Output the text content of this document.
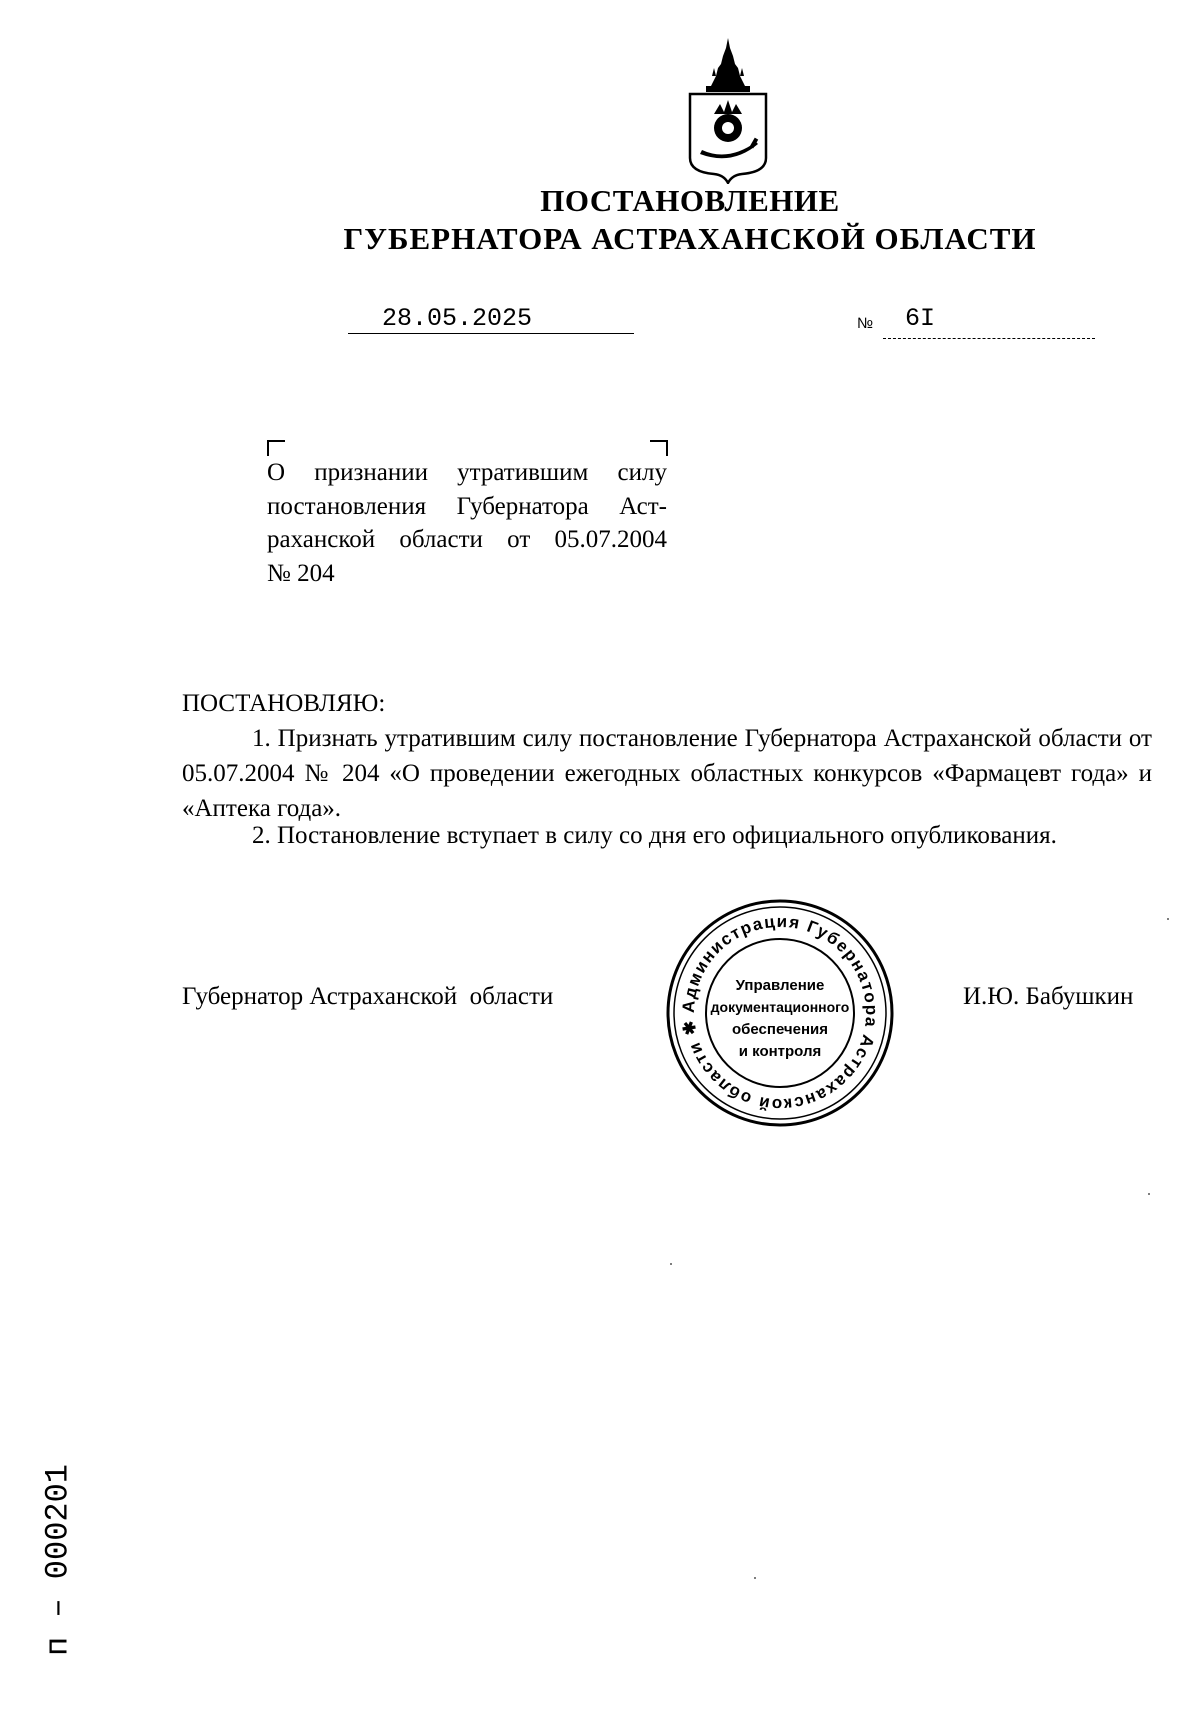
ПОСТАНОВЛЕНИЕ
ГУБЕРНАТОРА АСТРАХАНСКОЙ ОБЛАСТИ
28.05.2025	№ 6I
О признании утратившим силу
постановления Губернатора Аст-
раханской области от 05.07.2004
№ 204
ПОСТАНОВЛЯЮ:
1. Признать утратившим силу постановление Губернатора Астраханской области от 05.07.2004 № 204 «О проведении ежегодных областных конкурсов «Фармацевт года» и «Аптека года».
2. Постановление вступает в силу со дня его официального опубликования.
Губернатор Астраханской  области	И.Ю. Бабушкин
Администрация Губернатора Астраханской области ✱
Управление
документационного
обеспечения
и контроля
п – 000201
